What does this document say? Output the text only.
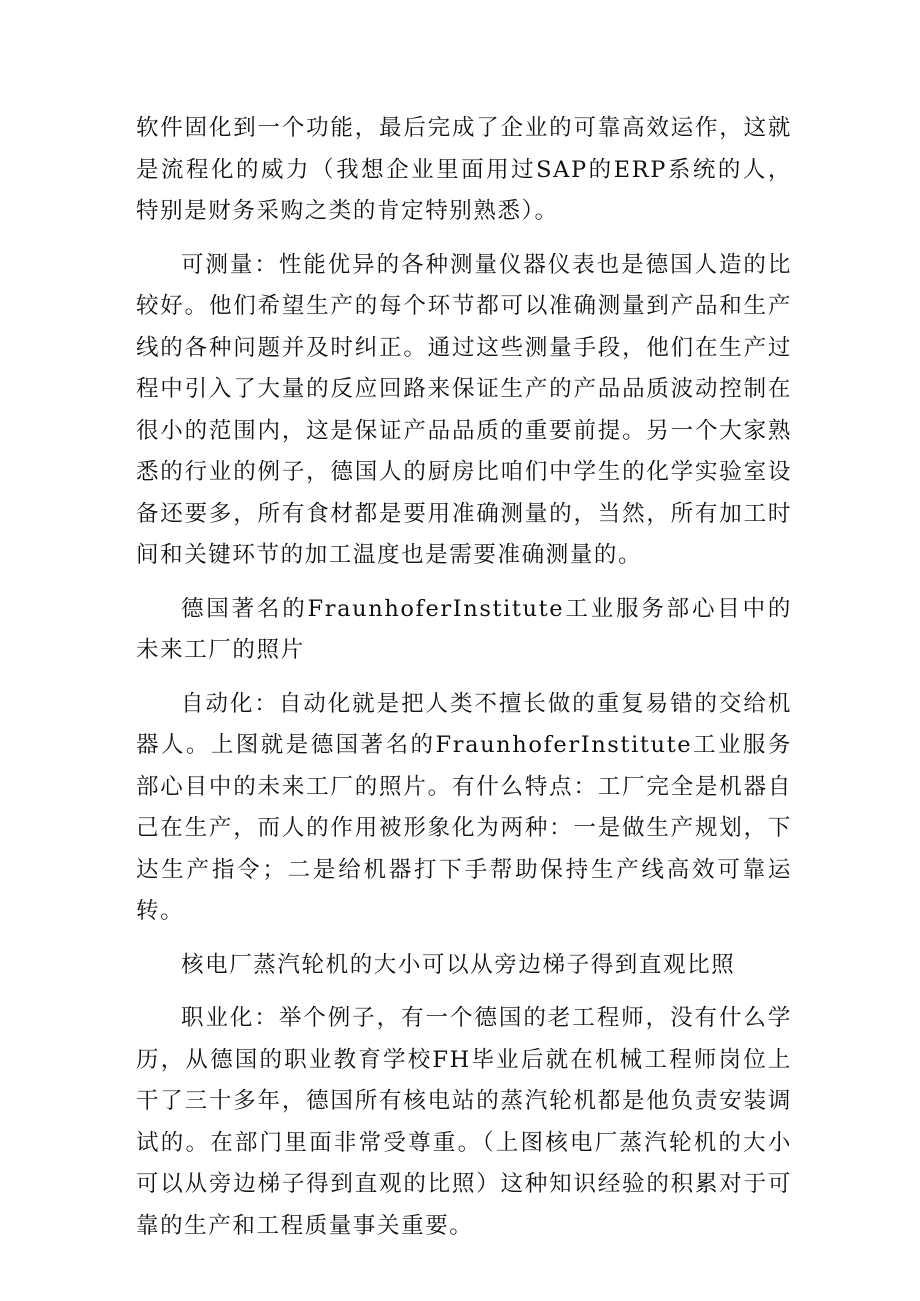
软件固化到一个功能，最后完成了企业的可靠高效运作，这就是流程化的威力（我想企业里面用过SAP的ERP系统的人，特别是财务采购之类的肯定特别熟悉）。

可测量：性能优异的各种测量仪器仪表也是德国人造的比较好。他们希望生产的每个环节都可以准确测量到产品和生产线的各种问题并及时纠正。通过这些测量手段，他们在生产过程中引入了大量的反应回路来保证生产的产品品质波动控制在很小的范围内，这是保证产品品质的重要前提。另一个大家熟悉的行业的例子，德国人的厨房比咱们中学生的化学实验室设备还要多，所有食材都是要用准确测量的，当然，所有加工时间和关键环节的加工温度也是需要准确测量的。

德国著名的FraunhoferInstitute工业服务部心目中的未来工厂的照片

自动化：自动化就是把人类不擅长做的重复易错的交给机器人。上图就是德国著名的FraunhoferInstitute工业服务部心目中的未来工厂的照片。有什么特点：工厂完全是机器自己在生产，而人的作用被形象化为两种：一是做生产规划，下达生产指令；二是给机器打下手帮助保持生产线高效可靠运转。

核电厂蒸汽轮机的大小可以从旁边梯子得到直观比照

职业化：举个例子，有一个德国的老工程师，没有什么学历，从德国的职业教育学校FH毕业后就在机械工程师岗位上干了三十多年，德国所有核电站的蒸汽轮机都是他负责安装调试的。在部门里面非常受尊重。（上图核电厂蒸汽轮机的大小可以从旁边梯子得到直观的比照）这种知识经验的积累对于可靠的生产和工程质量事关重要。
